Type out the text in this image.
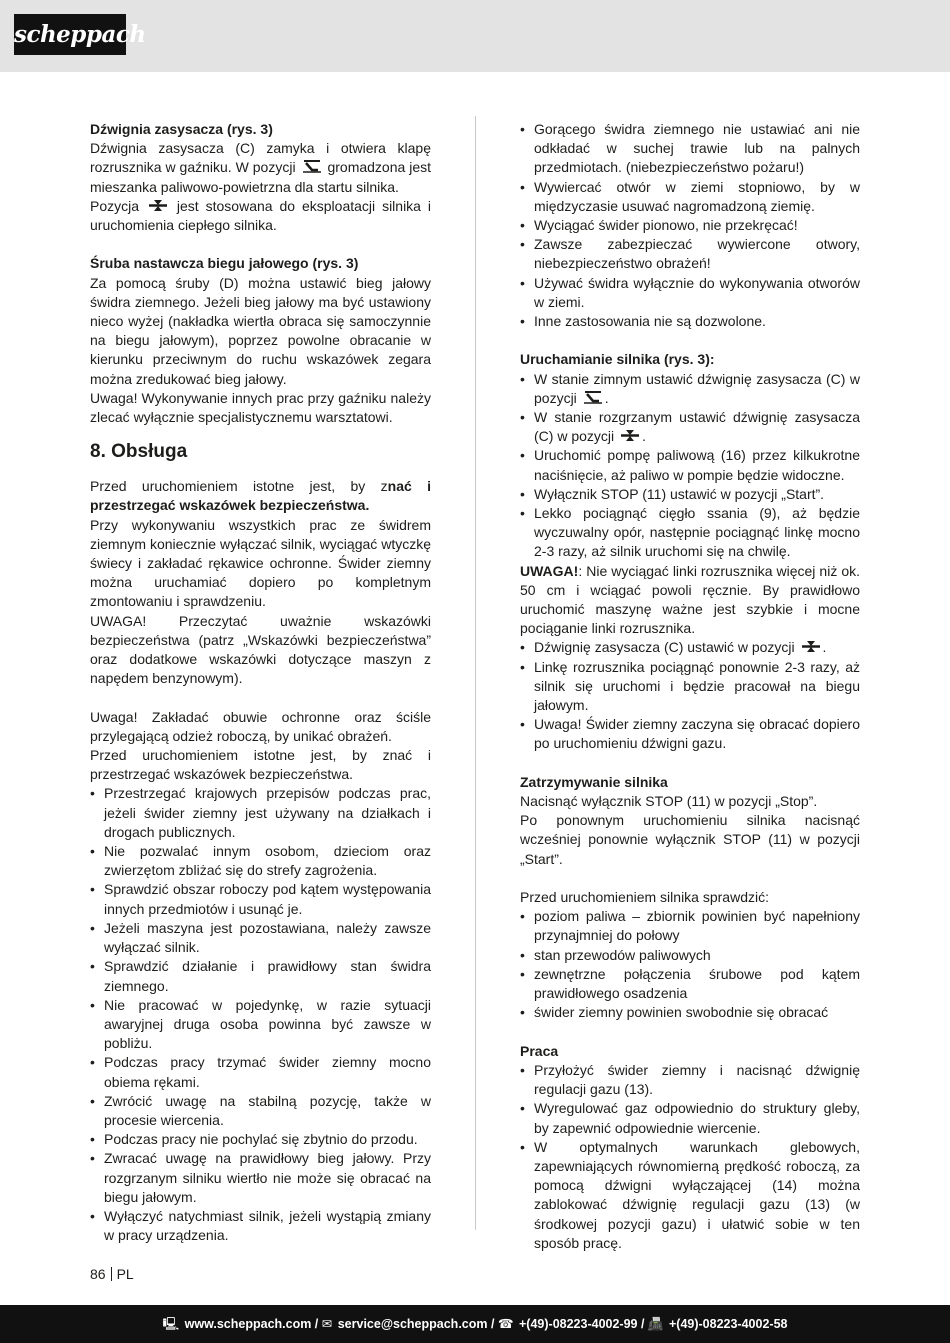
scheppach

Dźwignia zasysacza (rys. 3)

Dźwignia zasysacza (C) zamyka i otwiera klapę rozrusznika w gaźniku. W pozycji gromadzona jest mieszanka paliwowo-powietrzna dla startu silnika.

Pozycja	jest stosowana do eksploatacji silnika i uruchomienia ciepłego silnika.

Śruba nastawcza biegu jałowego (rys. 3)

Za pomocą śruby (D) można ustawić bieg jałowy świdra ziemnego. Jeżeli bieg jałowy ma być ustawiony nieco wyżej (nakładka wiertła obraca się samoczynnie na biegu jałowym), poprzez powolne obracanie w kierunku przeciwnym do ruchu wskazówek zegara można zredukować bieg jałowy.

Uwaga! Wykonywanie innych prac przy gaźniku należy zlecać wyłącznie specjalistycznemu warsztatowi.

8. Obsługa

Przed uruchomieniem istotne jest, by znać i przestrzegać wskazówek bezpieczeństwa.

Przy wykonywaniu wszystkich prac ze świdrem ziemnym koniecznie wyłączać silnik, wyciągać wtyczkę świecy i zakładać rękawice ochronne. Świder ziemny można uruchamiać dopiero po kompletnym zmontowaniu i sprawdzeniu.

UWAGA! Przeczytać uważnie wskazówki bezpieczeństwa (patrz „Wskazówki bezpieczeństwa” oraz dodatkowe wskazówki dotyczące maszyn z napędem benzynowym).

Uwaga! Zakładać obuwie ochronne oraz ściśle przylegającą odzież roboczą, by unikać obrażeń.

Przed uruchomieniem istotne jest, by znać i przestrzegać wskazówek bezpieczeństwa.

• Przestrzegać krajowych przepisów podczas prac, jeżeli świder ziemny jest używany na działkach i drogach publicznych.
• Nie pozwalać innym osobom, dzieciom oraz zwierzętom zbliżać się do strefy zagrożenia.
• Sprawdzić obszar roboczy pod kątem występowania innych przedmiotów i usunąć je.
• Jeżeli maszyna jest pozostawiana, należy zawsze wyłączać silnik.
• Sprawdzić działanie i prawidłowy stan świdra ziemnego.
• Nie pracować w pojedynkę, w razie sytuacji awaryjnej druga osoba powinna być zawsze w pobliżu.
• Podczas pracy trzymać świder ziemny mocno obiema rękami.
• Zwrócić uwagę na stabilną pozycję, także w procesie wiercenia.
• Podczas pracy nie pochylać się zbytnio do przodu.
• Zwracać uwagę na prawidłowy bieg jałowy. Przy rozgrzanym silniku wiertło nie może się obracać na biegu jałowym.
• Wyłączyć natychmiast silnik, jeżeli wystąpią zmiany w pracy urządzenia.
• Gorącego świdra ziemnego nie ustawiać ani nie odkładać w suchej trawie lub na palnych przedmiotach. (niebezpieczeństwo pożaru!)
• Wywiercać otwór w ziemi stopniowo, by w międzyczasie usuwać nagromadzoną ziemię.
• Wyciągać świder pionowo, nie przekręcać!
• Zawsze zabezpieczać wywiercone otwory, niebezpieczeństwo obrażeń!
• Używać świdra wyłącznie do wykonywania otworów w ziemi.
• Inne zastosowania nie są dozwolone.

Uruchamianie silnika (rys. 3):

• W stanie zimnym ustawić dźwignię zasysacza (C) w pozycji .
• W stanie rozgrzanym ustawić dźwignię zasysacza (C) w pozycji .
• Uruchomić pompę paliwową (16) przez kilkukrotne naciśnięcie, aż paliwo w pompie będzie widoczne.
• Wyłącznik STOP (11) ustawić w pozycji „Start”.
• Lekko pociągnąć cięgło ssania (9), aż będzie wyczuwalny opór, następnie pociągnąć linkę mocno 2-3 razy, aż silnik uruchomi się na chwilę.

UWAGA!: Nie wyciągać linki rozrusznika więcej niż ok. 50 cm i wciągać powoli ręcznie. By prawidłowo uruchomić maszynę ważne jest szybkie i mocne pociąganie linki rozrusznika.

• Dźwignię zasysacza (C) ustawić w pozycji .
• Linkę rozrusznika pociągnąć ponownie 2-3 razy, aż silnik się uruchomi i będzie pracował na biegu jałowym.
• Uwaga! Świder ziemny zaczyna się obracać dopiero po uruchomieniu dźwigni gazu.

Zatrzymywanie silnika

Nacisnąć wyłącznik STOP (11) w pozycji „Stop”.

Po ponownym uruchomieniu silnika nacisnąć wcześniej ponownie wyłącznik STOP (11) w pozycji „Start”.

Przed uruchomieniem silnika sprawdzić:

• poziom paliwa – zbiornik powinien być napełniony przynajmniej do połowy
• stan przewodów paliwowych
• zewnętrzne połączenia śrubowe pod kątem prawidłowego osadzenia
• świder ziemny powinien swobodnie się obracać

Praca

• Przyłożyć świder ziemny i nacisnąć dźwignię regulacji gazu (13).
• Wyregulować gaz odpowiednio do struktury gleby, by zapewnić odpowiednie wiercenie.
• W optymalnych warunkach glebowych, zapewniających równomierną prędkość roboczą, za pomocą dźwigni wyłączającej (14) można zablokować dźwignię regulacji gazu (13) (w środkowej pozycji gazu) i ułatwić sobie w ten sposób pracę.
86 PL
🖳 www.scheppach.com / ✉ service@scheppach.com / ☎ +(49)-08223-4002-99 / 📠 +(49)-08223-4002-58
